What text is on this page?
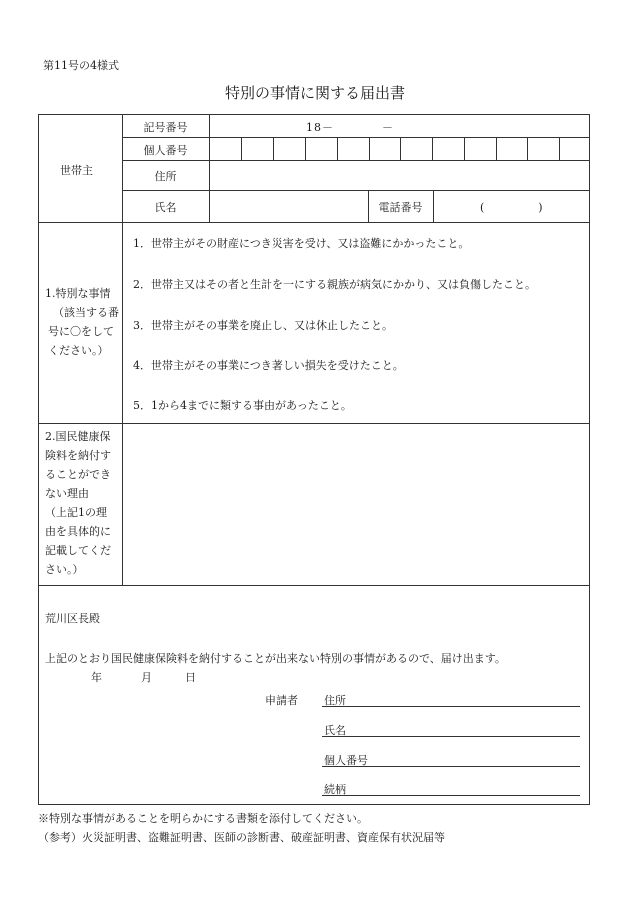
第11号の4様式
特別の事情に関する届出書
世帯主
記号番号	18－　　　　－
個人番号
住所
氏名	電話番号	(　　　　)
1.特別な事情
（該当する番
号に〇をして
ください。）
1．世帯主がその財産につき災害を受け、又は盗難にかかったこと。
2．世帯主又はその者と生計を一にする親族が病気にかかり、又は負傷したこと。
3．世帯主がその事業を廃止し、又は休止したこと。
4．世帯主がその事業につき著しい損失を受けたこと。
5．1から4までに類する事由があったこと。
2.国民健康保
険料を納付す
ることができ
ない理由
（上記1の理
由を具体的に
記載してくだ
さい。）
荒川区長殿
上記のとおり国民健康保険料を納付することが出来ない特別の事情があるので、届け出ます。
年	月	日
申請者 住所
氏名
個人番号
続柄
※特別な事情があることを明らかにする書類を添付してください。
（参考）火災証明書、盗難証明書、医師の診断書、破産証明書、資産保有状況届等
